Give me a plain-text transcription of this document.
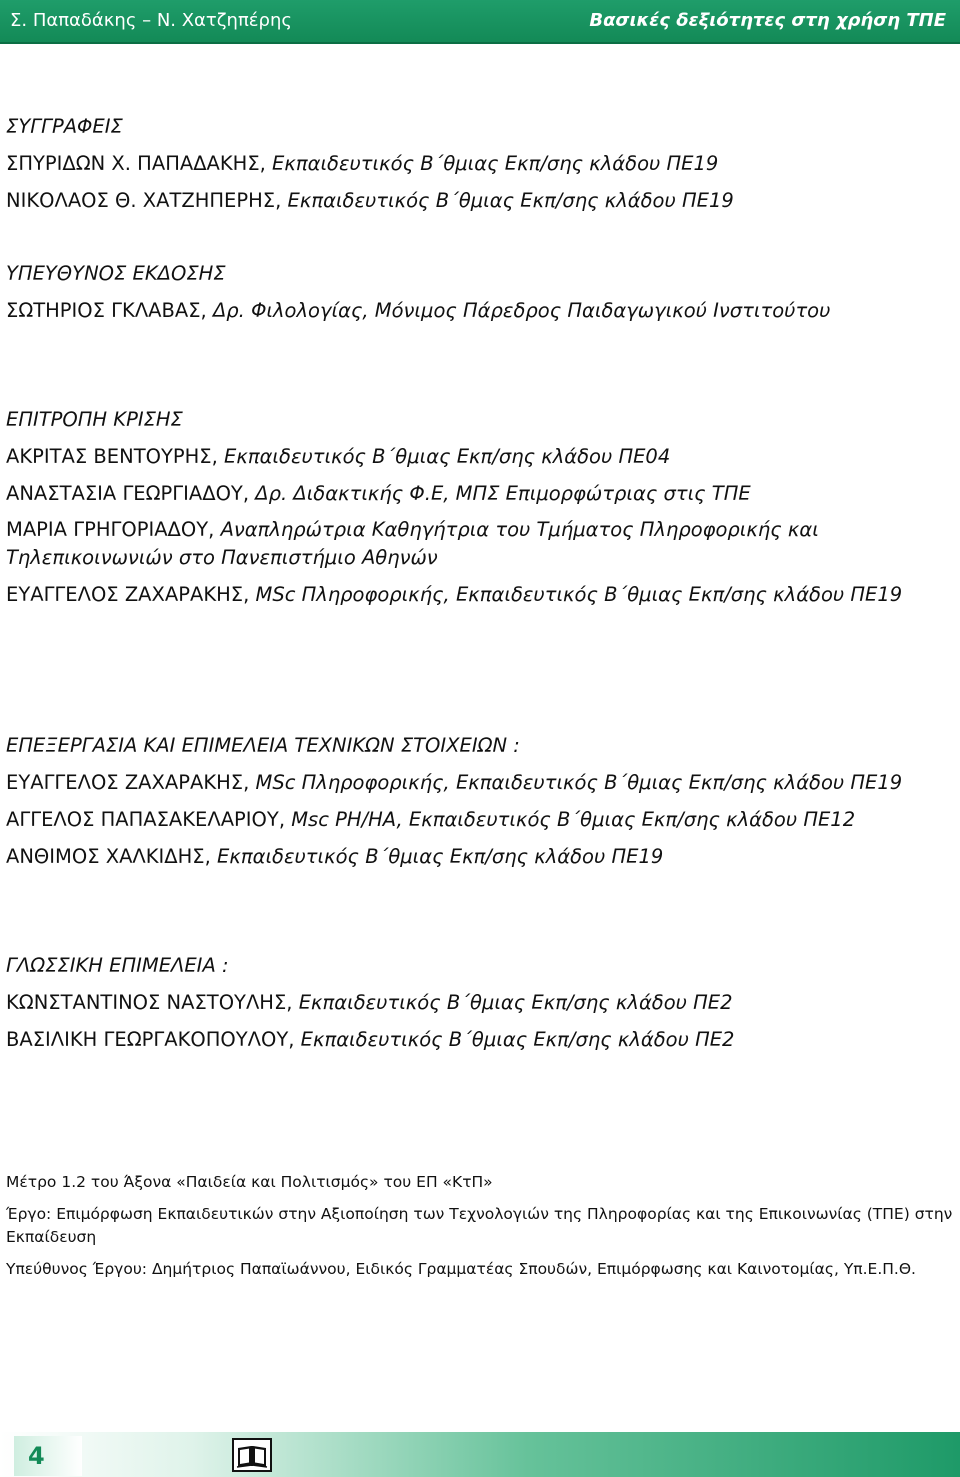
Σ. Παπαδάκης – Ν. Χατζηπέρης	Βασικές δεξιότητες στη χρήση ΤΠΕ
ΣΥΓΓΡΑΦΕΙΣ
ΣΠΥΡΙΔΩΝ Χ. ΠΑΠΑΔΑΚΗΣ, Εκπαιδευτικός Β΄θμιας Εκπ/σης κλάδου ΠΕ19
ΝΙΚΟΛΑΟΣ Θ. ΧΑΤΖΗΠΕΡΗΣ, Εκπαιδευτικός Β΄θμιας Εκπ/σης κλάδου ΠΕ19
ΥΠΕΥΘΥΝΟΣ ΕΚΔΟΣΗΣ
ΣΩΤΗΡΙΟΣ ΓΚΛΑΒΑΣ, Δρ. Φιλολογίας, Μόνιμος Πάρεδρος Παιδαγωγικού Ινστιτούτου
ΕΠΙΤΡΟΠΗ ΚΡΙΣΗΣ
ΑΚΡΙΤΑΣ ΒΕΝΤΟΥΡΗΣ, Εκπαιδευτικός Β΄θμιας Εκπ/σης κλάδου ΠΕ04
ΑΝΑΣΤΑΣΙΑ ΓΕΩΡΓΙΑΔΟΥ, Δρ. Διδακτικής Φ.Ε, ΜΠΣ Επιμορφώτριας στις ΤΠΕ
ΜΑΡΙΑ ΓΡΗΓΟΡΙΑΔΟΥ, Αναπληρώτρια Καθηγήτρια του Τμήματος Πληροφορικής και Τηλεπικοινωνιών στο Πανεπιστήμιο Αθηνών
ΕΥΑΓΓΕΛΟΣ ΖΑΧΑΡΑΚΗΣ, MSc Πληροφορικής, Εκπαιδευτικός Β΄θμιας Εκπ/σης κλάδου ΠΕ19
ΕΠΕΞΕΡΓΑΣΙΑ ΚΑΙ ΕΠΙΜΕΛΕΙΑ ΤΕΧΝΙΚΩΝ ΣΤΟΙΧΕΙΩΝ :
ΕΥΑΓΓΕΛΟΣ ΖΑΧΑΡΑΚΗΣ, MSc Πληροφορικής, Εκπαιδευτικός Β΄θμιας Εκπ/σης κλάδου ΠΕ19
ΑΓΓΕΛΟΣ ΠΑΠΑΣΑΚΕΛΑΡΙΟΥ, Msc PH/HA, Εκπαιδευτικός Β΄θμιας Εκπ/σης κλάδου ΠΕ12
ΑΝΘΙΜΟΣ ΧΑΛΚΙΔΗΣ, Εκπαιδευτικός Β΄θμιας Εκπ/σης κλάδου ΠΕ19
ΓΛΩΣΣΙΚΗ ΕΠΙΜΕΛΕΙΑ :
ΚΩΝΣΤΑΝΤΙΝΟΣ ΝΑΣΤΟΥΛΗΣ, Εκπαιδευτικός Β΄θμιας Εκπ/σης κλάδου ΠΕ2
ΒΑΣΙΛΙΚΗ ΓΕΩΡΓΑΚΟΠΟΥΛΟΥ, Εκπαιδευτικός Β΄θμιας Εκπ/σης κλάδου ΠΕ2

Μέτρο 1.2 του Άξονα «Παιδεία και Πολιτισμός» του ΕΠ «ΚτΠ»

Έργο: Επιμόρφωση Εκπαιδευτικών στην Αξιοποίηση των Τεχνολογιών της Πληροφορίας και της Επικοινωνίας (ΤΠΕ) στην Εκπαίδευση

Υπεύθυνος Έργου: Δημήτριος Παπαϊωάννου, Ειδικός Γραμματέας Σπουδών, Επιμόρφωσης και Καινοτομίας, Υπ.Ε.Π.Θ.

4
